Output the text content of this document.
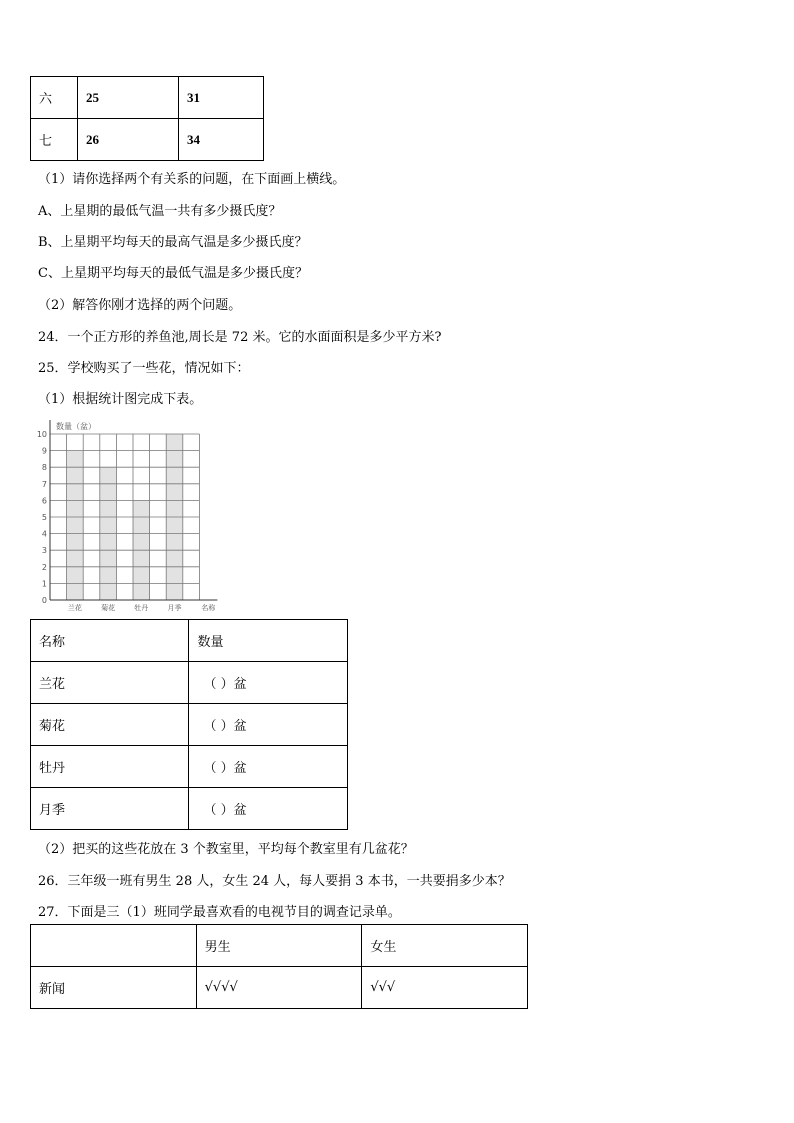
六	25	31
七	26	34
（1）请你选择两个有关系的问题，在下面画上横线。
A、上星期的最低气温一共有多少摄氏度？
B、上星期平均每天的最高气温是多少摄氏度？
C、上星期平均每天的最低气温是多少摄氏度？
（2）解答你刚才选择的两个问题。
24．一个正方形的养鱼池,周长是 72 米。它的水面面积是多少平方米?
25．学校购买了一些花，情况如下：
（1）根据统计图完成下表。
0
1
2
3
4
5
6
7
8
9
10
兰花	菊花	牡丹	月季
数量（盆）
名称
名称	数量
兰花	（ ）盆
菊花	（ ）盆
牡丹	（ ）盆
月季	（ ）盆
（2）把买的这些花放在 3 个教室里，平均每个教室里有几盆花？
26．三年级一班有男生 28 人，女生 24 人，每人要捐 3 本书，一共要捐多少本？
27．下面是三（1）班同学最喜欢看的电视节目的调查记录单。
	男生	女生
新闻	√√√√	√√√
